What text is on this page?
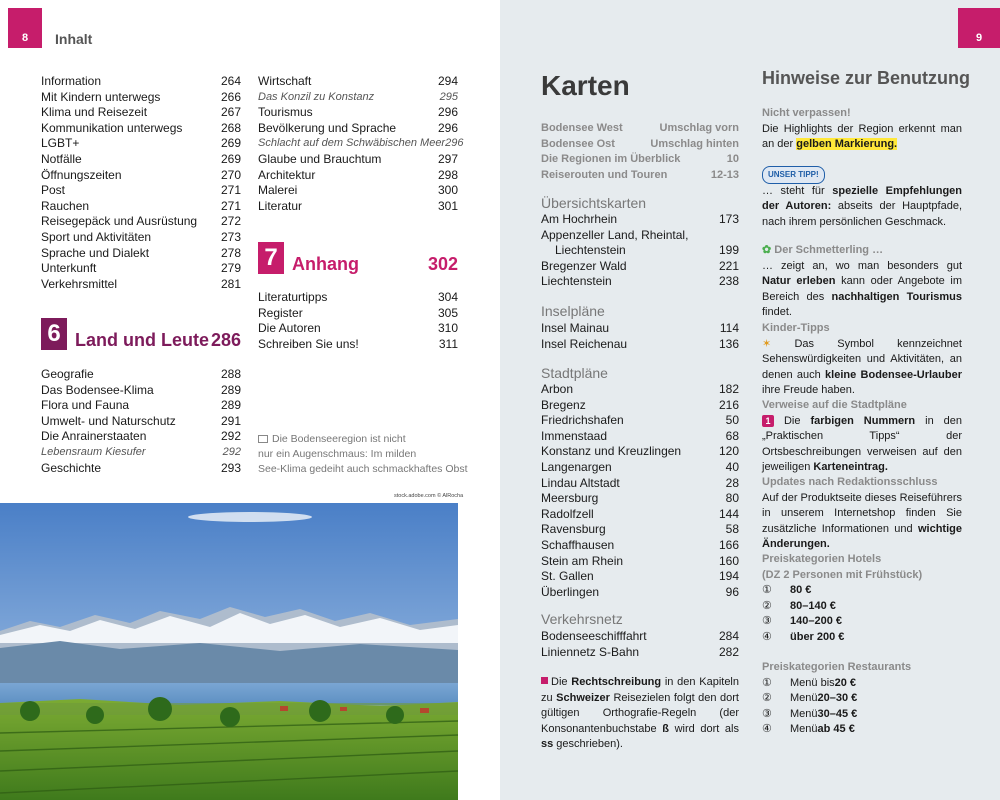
8	Inhalt	9
Information	264
Mit Kindern unterwegs	266
Klima und Reisezeit	267
Kommunikation unterwegs	268
LGBT+	269
Notfälle	269
Öffnungszeiten	270
Post	271
Rauchen	271
Reisegepäck und Ausrüstung 272
Sport und Aktivitäten	273
Sprache und Dialekt	278
Unterkunft	279
Verkehrsmittel	281
6 Land und Leute 286
Geografie	288
Das Bodensee-Klima	289
Flora und Fauna	289
Umwelt- und Naturschutz	291
Die Anrainerstaaten	292
Lebensraum Kiesufer	292
Geschichte	293
Wirtschaft	294
Das Konzil zu Konstanz	295
Tourismus	296
Bevölkerung und Sprache	296
Schlacht auf dem Schwäbischen Meer 296
Glaube und Brauchtum	297
Architektur	298
Malerei	300
Literatur	301
7 Anhang	302
Literaturtipps	304
Register	305
Die Autoren	310
Schreiben Sie uns!	311
Die Bodenseeregion ist nicht
nur ein Augenschmaus: Im milden
See-Klima gedeiht auch schmackhaftes Obst
stock.adobe.com © AlRocha
Karten
Bodensee West	Umschlag vorn
Bodensee Ost	Umschlag hinten
Die Regionen im Überblick	10
Reiserouten und Touren	12-13
Übersichtskarten
Am Hochrhein	173
Appenzeller Land, Rheintal,
Liechtenstein	199
Bregenzer Wald	221
Liechtenstein	238
Inselpläne
Insel Mainau	114
Insel Reichenau	136
Stadtpläne
Arbon	182
Bregenz	216
Friedrichshafen	50
Immenstaad	68
Konstanz und Kreuzlingen	120
Langenargen	40
Lindau Altstadt	28
Meersburg	80
Radolfzell	144
Ravensburg	58
Schaffhausen	166
Stein am Rhein	160
St. Gallen	194
Überlingen	96
Verkehrsnetz
Bodenseeschifffahrt	284
Liniennetz S-Bahn	282
Die Rechtschreibung in den Kapiteln zu Schweizer Reisezielen folgt den dort gültigen Orthografie-Regeln (der Konsonantenbuchstabe ß wird dort als ss geschrieben).
Hinweise zur Benutzung
Nicht verpassen!

Die Highlights der Region erkennt man an der gelben Markierung.

UNSER TIPP!

… steht für spezielle Empfehlungen der Autoren: abseits der Hauptpfade, nach ihrem persönlichen Geschmack.

✿ Der Schmetterling …

… zeigt an, wo man besonders gut Natur erleben kann oder Angebote im Bereich des nachhaltigen Tourismus findet.

Kinder-Tipps

✶ Das Symbol kennzeichnet Sehenswürdigkeiten und Aktivitäten, an denen auch kleine Bodensee-Urlauber ihre Freude haben.

Verweise auf die Stadtpläne

1 Die farbigen Nummern in den „Praktischen Tipps“ der Ortsbeschreibungen verweisen auf den jeweiligen Karteneintrag.

Updates nach Redaktionsschluss

Auf der Produktseite dieses Reiseführers in unserem Internetshop finden Sie zusätzliche Informationen und wichtige Änderungen.

Preiskategorien Hotels
(DZ 2 Personen mit Frühstück)
①	80 €
②	80–140 €
③	140–200 €
④	über 200 €
Preiskategorien Restaurants
①	Menü bis 20 €
②	Menü 20–30 €
③	Menü 30–45 €
④	Menü ab 45 €
